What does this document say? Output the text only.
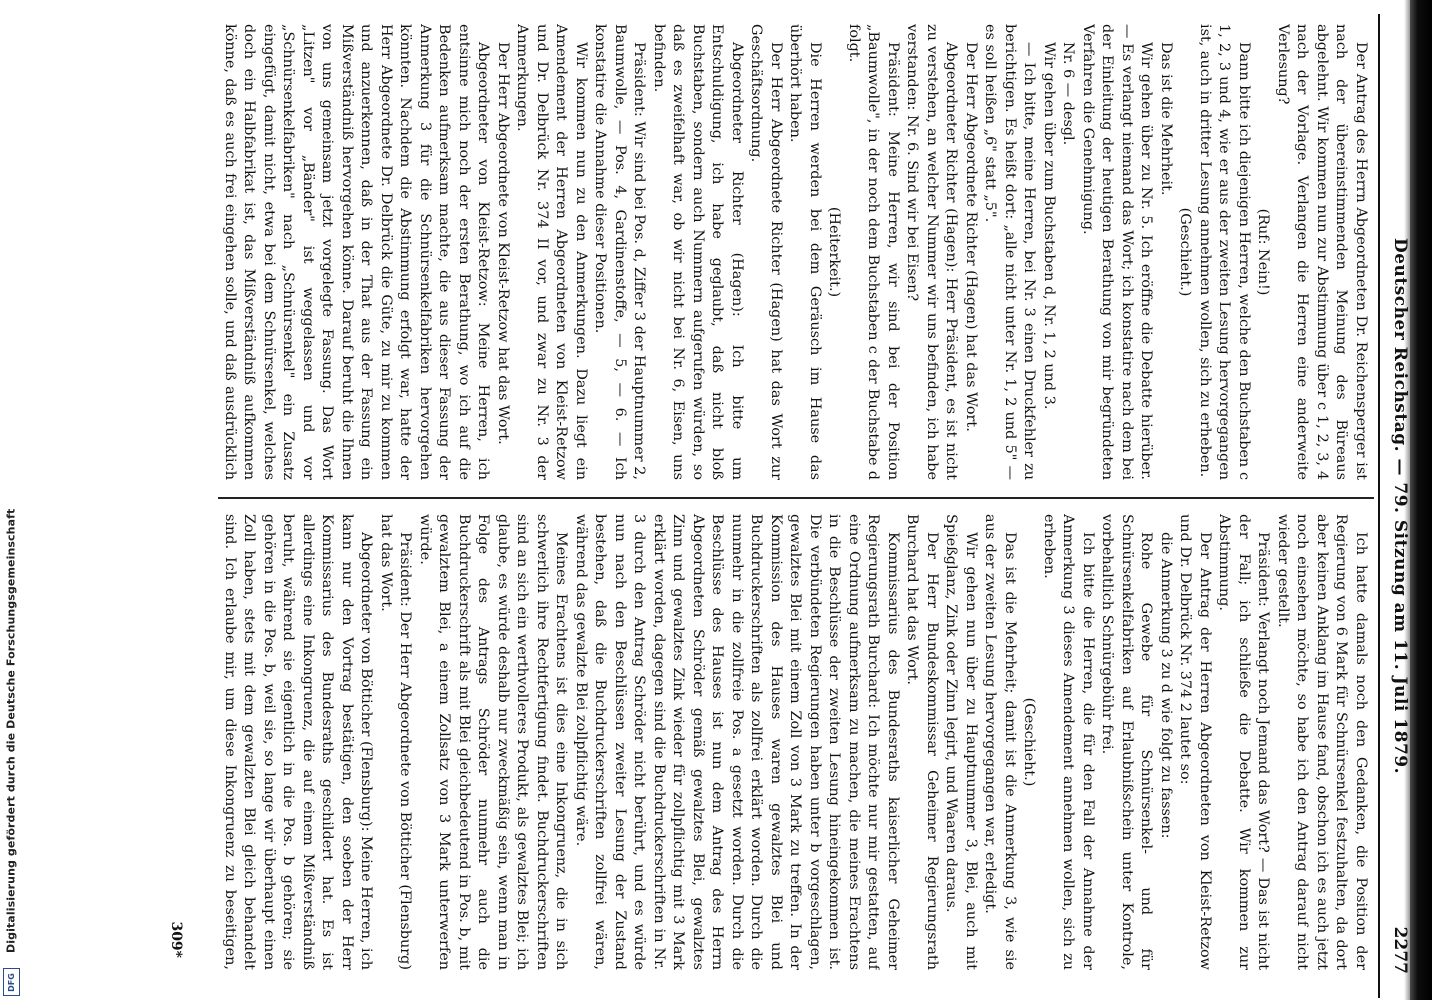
Digitalisierung gefördert durch die Deutsche Forschungsgemeinschaft
DFG
Deutscher Reichstag. — 79. Sitzung am 11. Juli 1879.
2277

Der Antrag des Herrn Abgeordneten Dr. Reichensperger ist nach der übereinstimmenden Meinung des Büreaus abgelehnt. Wir kommen nun zur Abstimmung über c 1, 2, 3, 4 nach der Vorlage. Verlangen die Herren eine anderweite Verlesung?

(Ruf: Nein!)

Dann bitte ich diejenigen Herren, welche den Buchstaben c 1, 2, 3 und 4, wie er aus der zweiten Lesung hervorgegangen ist, auch in dritter Lesung annehmen wollen, sich zu erheben.

(Geschieht.)

Das ist die Mehrheit.

Wir gehen über zu Nr. 5. Ich eröffne die Debatte hierüber. — Es verlangt niemand das Wort; ich konstatire nach dem bei der Einleitung der heutigen Berathung von mir begründeten Verfahren die Genehmigung.

Nr. 6 — desgl.

Wir gehen über zum Buchstaben d, Nr. 1, 2 und 3.

— Ich bitte, meine Herren, bei Nr. 3 einen Druckfehler zu berichtigen. Es heißt dort: „alle nicht unter Nr. 1, 2 und 5" — es soll heißen „6" statt „5".

Der Herr Abgeordnete Richter (Hagen) hat das Wort.

Abgeordneter Richter (Hagen): Herr Präsident, es ist nicht zu verstehen, an welcher Nummer wir uns befinden, ich habe verstanden: Nr. 6. Sind wir bei Eisen?

Präsident: Meine Herren, wir sind bei der Position „Baumwolle", in der noch dem Buchstaben c der Buchstabe d folgt.

(Heiterkeit.)

Die Herren werden bei dem Geräusch im Hause das überhört haben.

Der Herr Abgeordnete Richter (Hagen) hat das Wort zur Geschäftsordnung.

Abgeordneter Richter (Hagen): Ich bitte um Entschuldigung, ich habe geglaubt, daß nicht bloß Buchstaben, sondern auch Nummern aufgerufen würden, so daß es zweifelhaft war, ob wir nicht bei Nr. 6, Eisen, uns befinden.

Präsident: Wir sind bei Pos. d, Ziffer 3 der Hauptnummer 2, Baumwolle, — Pos. 4, Gardinenstoffe, — 5, — 6. — Ich konstatire die Annahme dieser Positionen.

Wir kommen nun zu den Anmerkungen. Dazu liegt ein Amendement der Herren Abgeordneten von Kleist-Retzow und Dr. Delbrück Nr. 374 II vor, und zwar zu Nr. 3 der Anmerkungen.

Der Herr Abgeordnete von Kleist-Retzow hat das Wort.

Abgeordneter von Kleist-Retzow: Meine Herren, ich entsinne mich noch der ersten Berathung, wo ich auf die Bedenken aufmerksam machte, die aus dieser Fassung der Anmerkung 3 für die Schnürsenkelfabriken hervorgehen könnten. Nachdem die Abstimmung erfolgt war, hatte der Herr Abgeordnete Dr. Delbrück die Güte, zu mir zu kommen und anzuerkennen, daß in der That aus der Fassung ein Mißverständniß hervorgehen könne. Darauf beruht die Ihnen von uns gemeinsam jetzt vorgelegte Fassung. Das Wort „Litzen" vor „Bänder" ist weggelassen und vor „Schnürsenkelfabriken" nach „Schnürsenkel" ein Zusatz eingefügt, damit nicht, etwa bei dem Schnürsenkel, welches doch ein Halbfabrikat ist, das Mißverständniß aufkommen könne, daß es auch frei eingehen solle, und daß ausdrücklich

Ich hatte damals noch den Gedanken, die Position der Regierung von 6 Mark für Schnürsenkel festzuhalten, da dort aber keinen Anklang im Hause fand, obschon ich es auch jetzt noch einsehen möchte, so habe ich den Antrag darauf nicht wieder gestellt.

Präsident: Verlangt noch Jemand das Wort? — Das ist nicht der Fall; ich schließe die Debatte. Wir kommen zur Abstimmung.

Der Antrag der Herren Abgeordneten von Kleist-Retzow und Dr. Delbrück Nr. 374 2 lautet so:

die Anmerkung 3 zu d wie folgt zu fassen:

Rohe Gewebe für Schnürsenkel- und für Schnürsenkelfabriken auf Erlaubnißschein unter Kontrole, vorbehaltlich Schnürgebühr frei.

Ich bitte die Herren, die für den Fall der Annahme der Anmerkung 3 dieses Amendement annehmen wollen, sich zu erheben.

(Geschieht.)

Das ist die Mehrheit; damit ist die Anmerkung 3, wie sie aus der zweiten Lesung hervorgegangen war, erledigt.

Wir gehen nun über zu Hauptnummer 3, Blei, auch mit Spießglanz, Zink oder Zinn legirt, und Waaren daraus.

Der Herr Bundeskommissar Geheimer Regierungsrath Burchard hat das Wort.

Kommissarius des Bundesraths kaiserlicher Geheimer Regierungsrath Burchard: Ich möchte nur mir gestatten, auf eine Ordnung aufmerksam zu machen, die meines Erachtens in die Beschlüsse der zweiten Lesung hineingekommen ist. Die verbündeten Regierungen haben unter b vorgeschlagen, gewalztes Blei mit einem Zoll von 3 Mark zu treffen. In der Kommission des Hauses waren gewalztes Blei und Buchdruckerschriften als zollfrei erklärt worden. Durch die nunmehr in die zollfreie Pos. a gesetzt worden. Durch die Beschlüsse des Hauses ist nun dem Antrag des Herrn Abgeordneten Schröder gemäß gewalztes Blei, gewalztes Zinn und gewalztes Zink wieder für zollpflichtig mit 3 Mark erklärt worden, dagegen sind die Buchdruckerschriften in Nr. 3 durch den Antrag Schröder nicht berührt, und es würde nun nach den Beschlüssen zweiter Lesung der Zustand bestehen, daß die Buchdruckerschriften zollfrei wären, während das gewalzte Blei zollpflichtig wäre.

Meines Erachtens ist dies eine Inkongruenz, die in sich schwerlich ihre Rechtfertigung findet. Buchdruckerschriften sind an sich ein werthvolleres Produkt, als gewalztes Blei; ich glaube, es würde deshalb nur zweckmäßig sein, wenn man in Folge des Antrags Schröder nunmehr auch die Buchdruckerschrift als mit Blei gleichbedeutend in Pos. b, mit gewalztem Blei, a einem Zollsatz von 3 Mark unterwerfen würde.

Präsident: Der Herr Abgeordnete von Bötticher (Flensburg) hat das Wort.

Abgeordneter von Bötticher (Flensburg): Meine Herren, ich kann nur den Vortrag bestätigen, den soeben der Herr Kommissarius des Bundesraths geschildert hat. Es ist allerdings eine Inkongruenz, die auf einem Mißverständniß beruht, während sie eigentlich in die Pos. b gehören; sie gehören in die Pos. b, weil sie, so lange wir überhaupt einen Zoll haben, stets mit dem gewalzten Blei gleich behandelt sind. Ich erlaube mir, um diese Inkongruenz zu beseitigen,

309*
